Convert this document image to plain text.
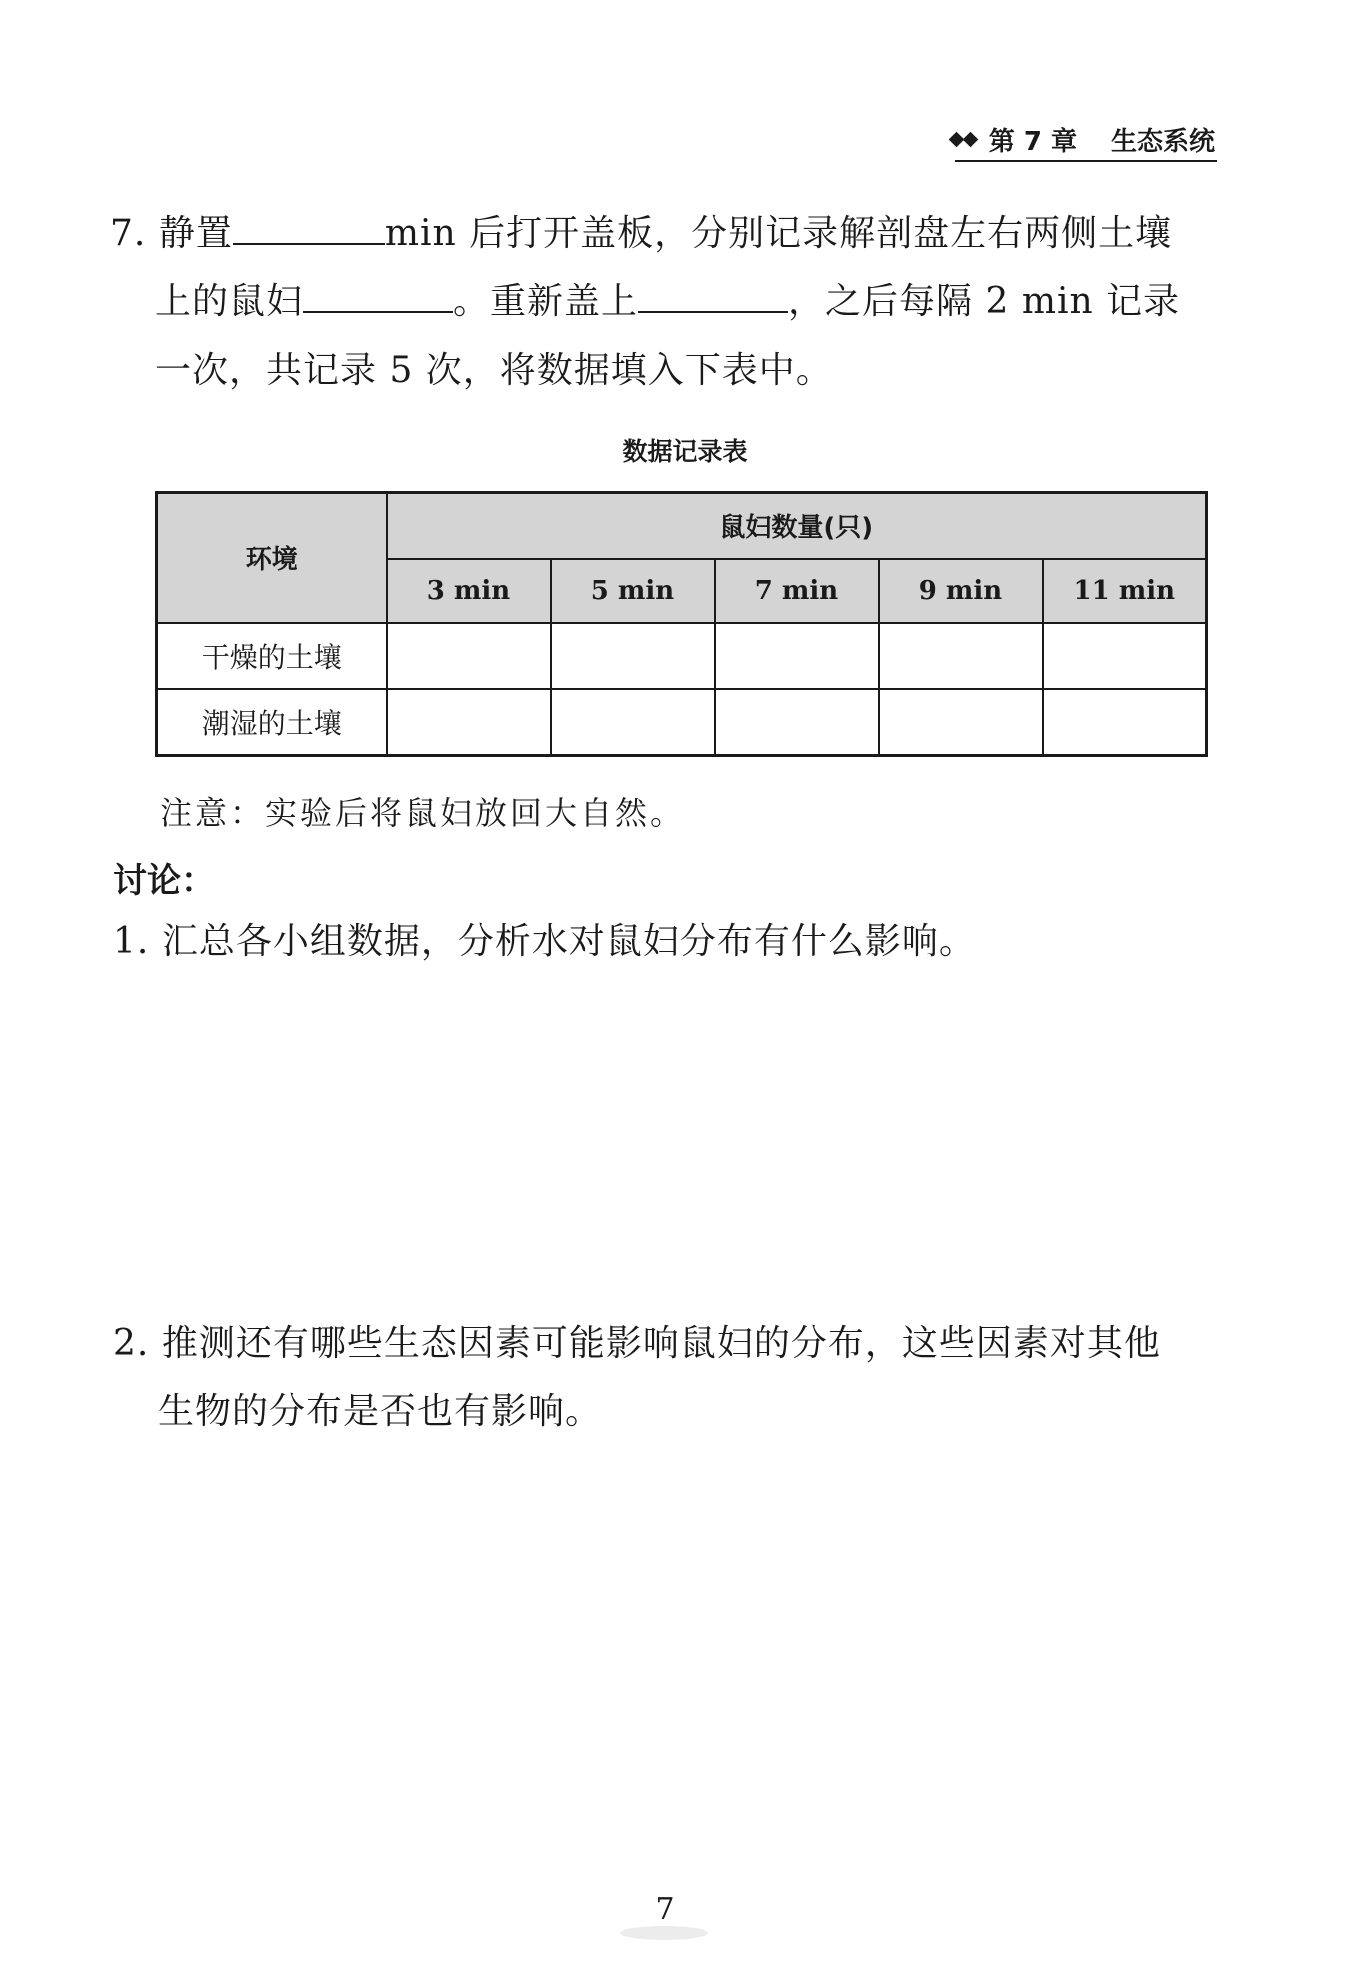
第 7 章 生态系统
7. 静置	min 后打开盖板，分别记录解剖盘左右两侧土壤
上的鼠妇	。重新盖上	，之后每隔 2 min 记录
一次，共记录 5 次，将数据填入下表中。
数据记录表
环境	鼠妇数量(只)				
	3 min	5 min	7 min	9 min	11 min
干燥的土壤					
潮湿的土壤					
注意：实验后将鼠妇放回大自然。
讨论：
1. 汇总各小组数据，分析水对鼠妇分布有什么影响。
2. 推测还有哪些生态因素可能影响鼠妇的分布，这些因素对其他
生物的分布是否也有影响。
7
